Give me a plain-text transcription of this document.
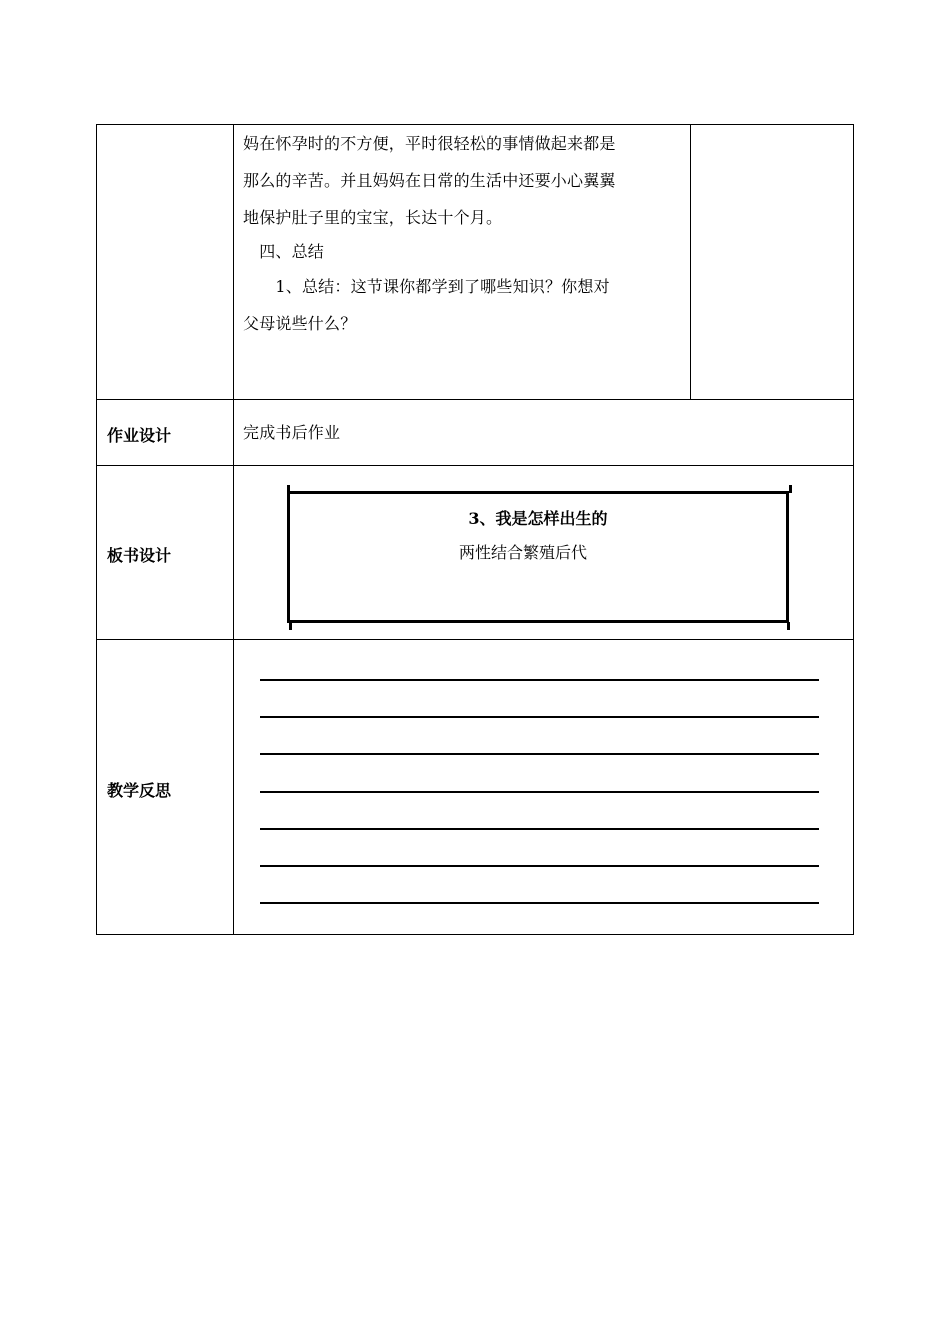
妈在怀孕时的不方便，平时很轻松的事情做起来都是
那么的辛苦。并且妈妈在日常的生活中还要小心翼翼
地保护肚子里的宝宝，长达十个月。
　四、总结
　　1、总结：这节课你都学到了哪些知识？你想对
父母说些什么？
作业设计	完成书后作业
板书设计
3、我是怎样出生的
两性结合繁殖后代
教学反思
